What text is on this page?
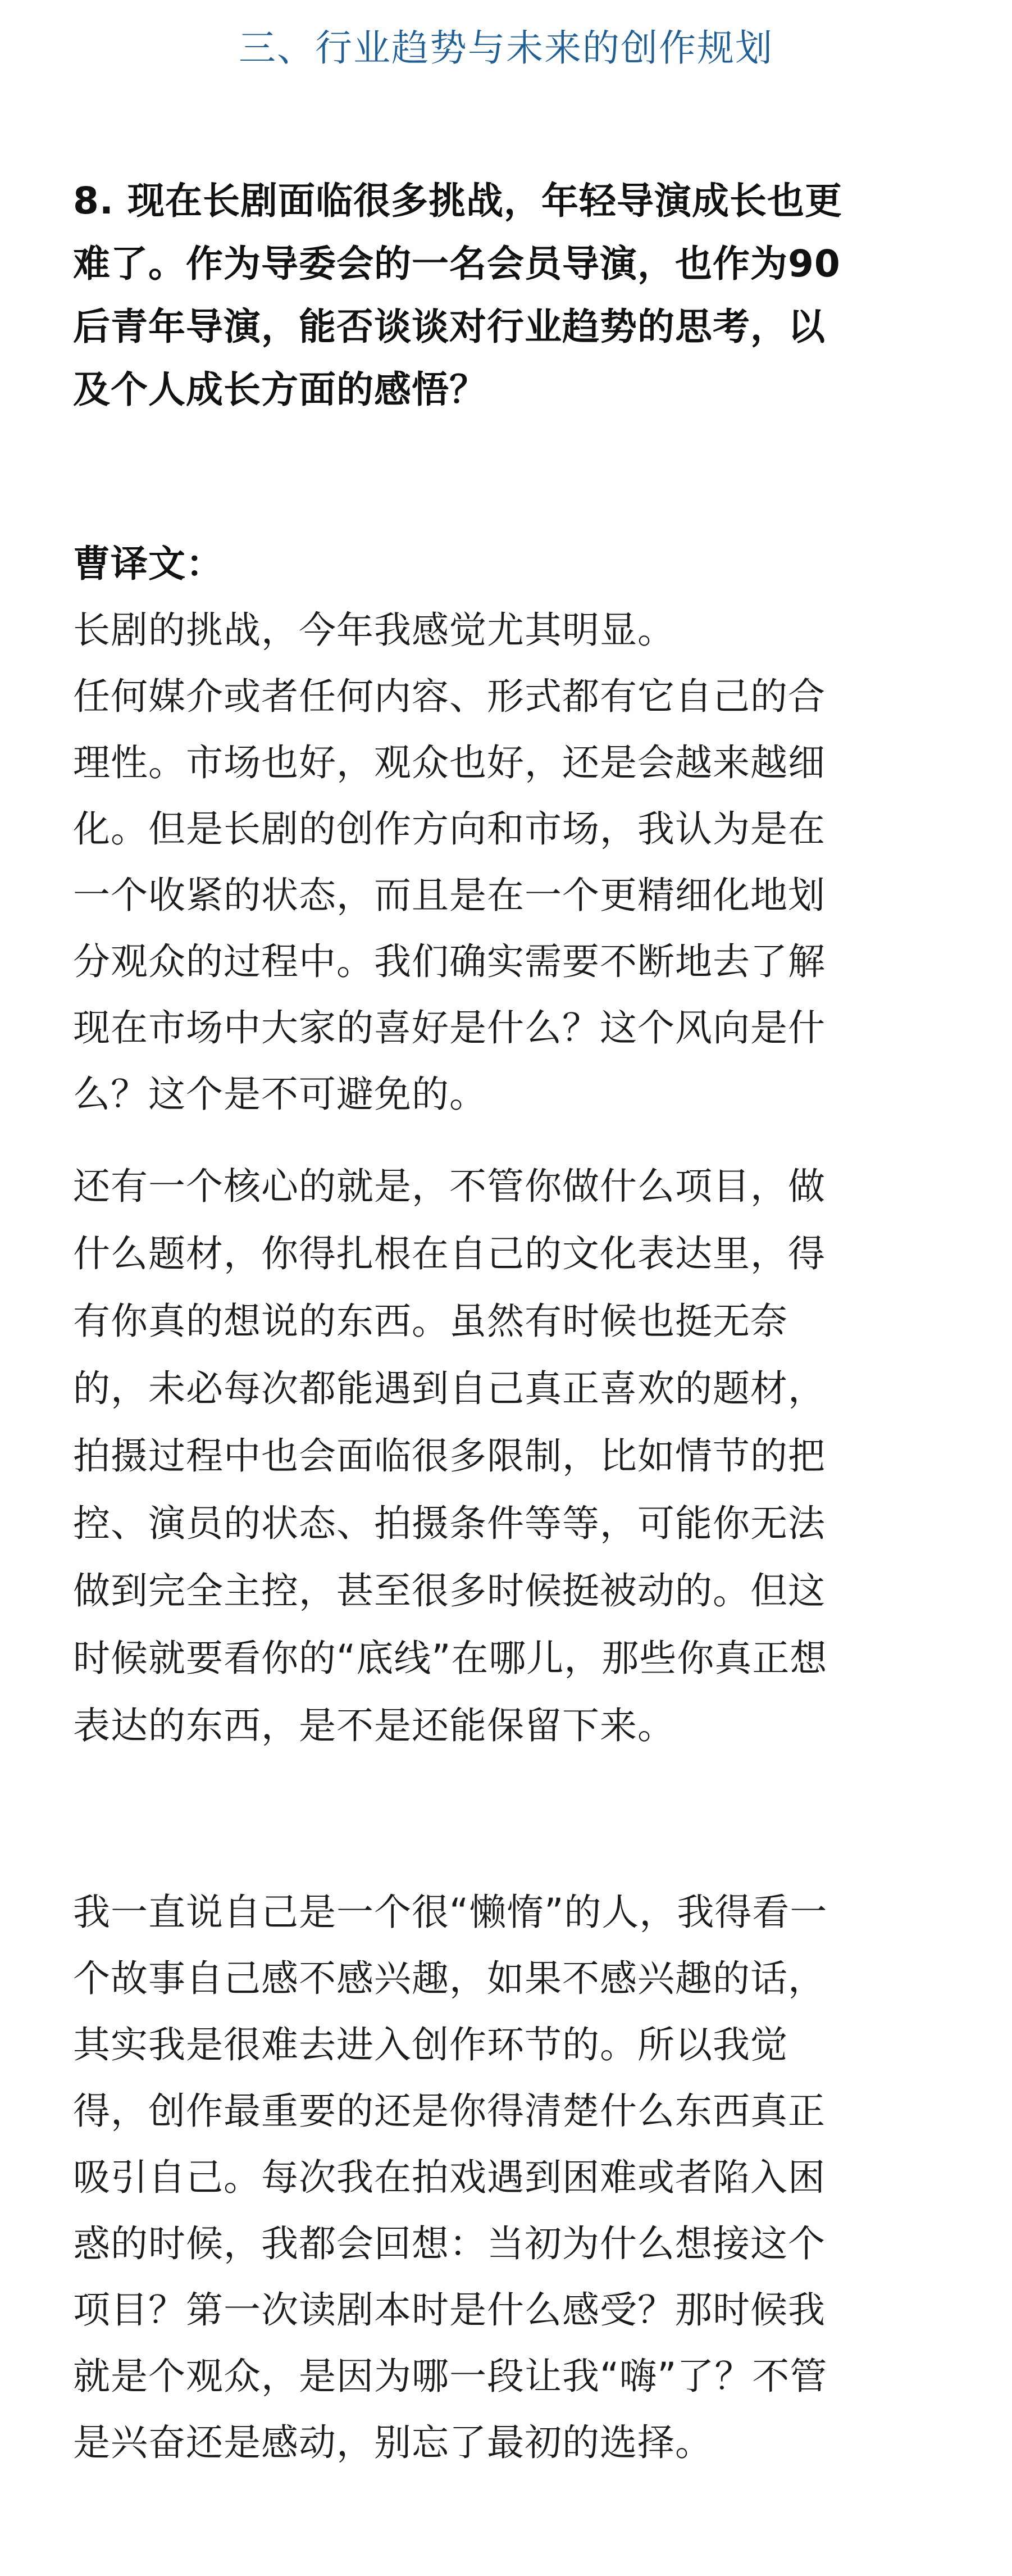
三、行业趋势与未来的创作规划
8. 现在长剧面临很多挑战，年轻导演成长也更
难了。作为导委会的一名会员导演，也作为90
后青年导演，能否谈谈对行业趋势的思考，以
及个人成长方面的感悟？
曹译文：
长剧的挑战，今年我感觉尤其明显。
任何媒介或者任何内容、形式都有它自己的合
理性。市场也好，观众也好，还是会越来越细
化。但是长剧的创作方向和市场，我认为是在
一个收紧的状态，而且是在一个更精细化地划
分观众的过程中。我们确实需要不断地去了解
现在市场中大家的喜好是什么？这个风向是什
么？这个是不可避免的。
还有一个核心的就是，不管你做什么项目，做
什么题材，你得扎根在自己的文化表达里，得
有你真的想说的东西。虽然有时候也挺无奈
的，未必每次都能遇到自己真正喜欢的题材，
拍摄过程中也会面临很多限制，比如情节的把
控、演员的状态、拍摄条件等等，可能你无法
做到完全主控，甚至很多时候挺被动的。但这
时候就要看你的“底线”在哪儿，那些你真正想
表达的东西，是不是还能保留下来。
我一直说自己是一个很“懒惰”的人，我得看一
个故事自己感不感兴趣，如果不感兴趣的话，
其实我是很难去进入创作环节的。所以我觉
得，创作最重要的还是你得清楚什么东西真正
吸引自己。每次我在拍戏遇到困难或者陷入困
惑的时候，我都会回想：当初为什么想接这个
项目？第一次读剧本时是什么感受？那时候我
就是个观众，是因为哪一段让我“嗨”了？不管
是兴奋还是感动，别忘了最初的选择。
